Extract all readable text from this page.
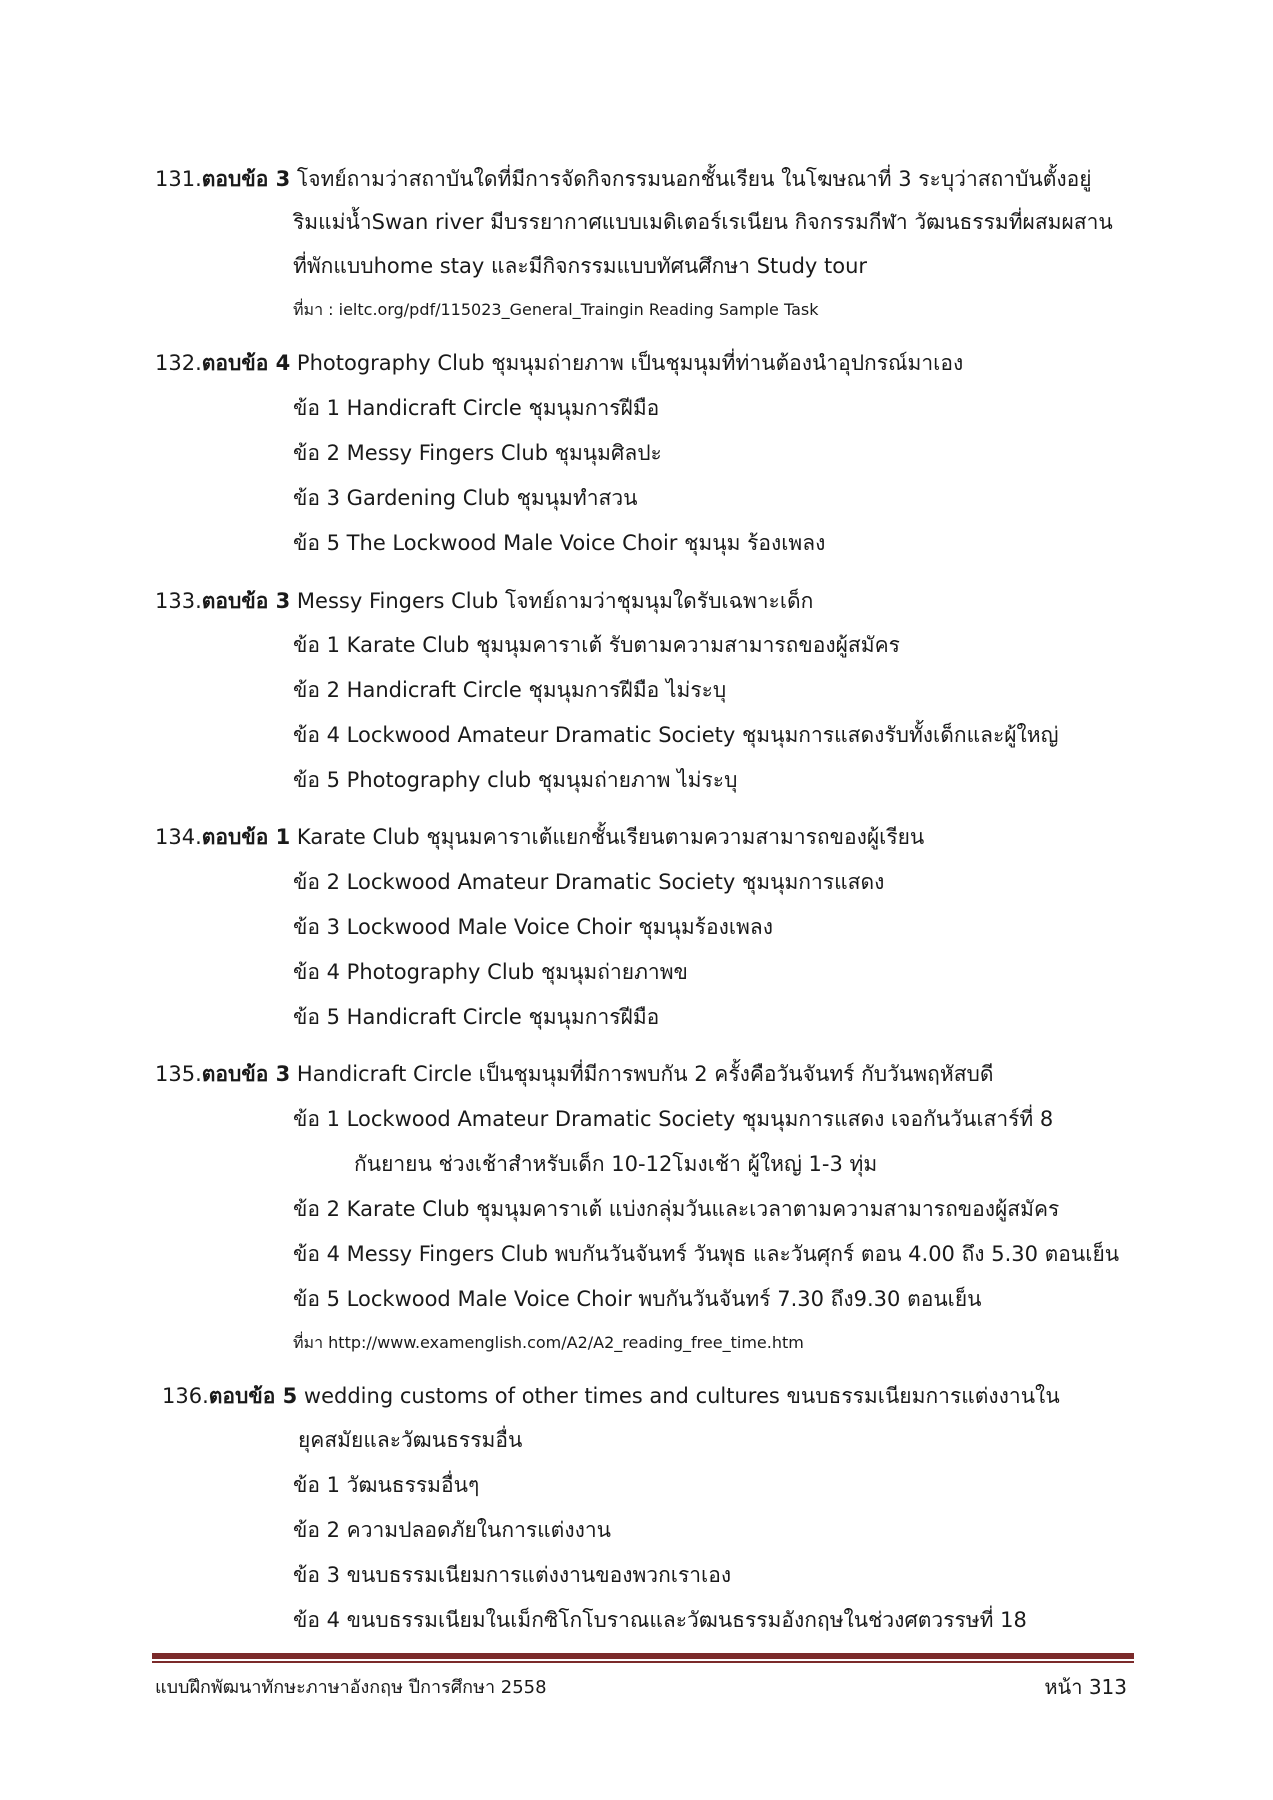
131.ตอบข้อ 3 โจทย์ถามว่าสถาบันใดที่มีการจัดกิจกรรมนอกชั้นเรียน ในโฆษณาที่ 3 ระบุว่าสถาบันตั้งอยู่
ริมแม่น้ำSwan river มีบรรยากาศแบบเมดิเตอร์เรเนียน กิจกรรมกีฬา วัฒนธรรมที่ผสมผสาน
ที่พักแบบhome stay และมีกิจกรรมแบบทัศนศึกษา Study tour
ที่มา : ieltc.org/pdf/115023_General_Traingin Reading Sample Task
132.ตอบข้อ 4 Photography Club ชุมนุมถ่ายภาพ เป็นชุมนุมที่ท่านต้องนำอุปกรณ์มาเอง
ข้อ 1 Handicraft Circle ชุมนุมการฝีมือ
ข้อ 2 Messy Fingers Club ชุมนุมศิลปะ
ข้อ 3 Gardening Club ชุมนุมทำสวน
ข้อ 5 The Lockwood Male Voice Choir ชุมนุม ร้องเพลง
133.ตอบข้อ 3 Messy Fingers Club โจทย์ถามว่าชุมนุมใดรับเฉพาะเด็ก
ข้อ 1 Karate Club ชุมนุมคาราเต้ รับตามความสามารถของผู้สมัคร
ข้อ 2 Handicraft Circle ชุมนุมการฝีมือ ไม่ระบุ
ข้อ 4 Lockwood Amateur Dramatic Society ชุมนุมการแสดงรับทั้งเด็กและผู้ใหญ่
ข้อ 5 Photography club ชุมนุมถ่ายภาพ ไม่ระบุ
134.ตอบข้อ 1 Karate Club ชุมุนมคาราเต้แยกชั้นเรียนตามความสามารถของผู้เรียน
ข้อ 2 Lockwood Amateur Dramatic Society ชุมนุมการแสดง
ข้อ 3 Lockwood Male Voice Choir ชุมนุมร้องเพลง
ข้อ 4 Photography Club ชุมนุมถ่ายภาพข
ข้อ 5 Handicraft Circle ชุมนุมการฝีมือ
135.ตอบข้อ 3 Handicraft Circle เป็นชุมนุมที่มีการพบกัน 2 ครั้งคือวันจันทร์ กับวันพฤหัสบดี
ข้อ 1 Lockwood Amateur Dramatic Society ชุมนุมการแสดง เจอกันวันเสาร์ที่ 8
กันยายน ช่วงเช้าสำหรับเด็ก 10-12โมงเช้า ผู้ใหญ่ 1-3 ทุ่ม
ข้อ 2 Karate Club ชุมนุมคาราเต้ แบ่งกลุ่มวันและเวลาตามความสามารถของผู้สมัคร
ข้อ 4 Messy Fingers Club พบกันวันจันทร์ วันพุธ และวันศุกร์ ตอน 4.00 ถึง 5.30 ตอนเย็น
ข้อ 5 Lockwood Male Voice Choir พบกันวันจันทร์ 7.30 ถึง9.30 ตอนเย็น
ที่มา http://www.examenglish.com/A2/A2_reading_free_time.htm
136.ตอบข้อ 5 wedding customs of other times and cultures ขนบธรรมเนียมการแต่งงานใน
ยุคสมัยและวัฒนธรรมอื่น
ข้อ 1 วัฒนธรรมอื่นๆ
ข้อ 2 ความปลอดภัยในการแต่งงาน
ข้อ 3 ขนบธรรมเนียมการแต่งงานของพวกเราเอง
ข้อ 4 ขนบธรรมเนียมในเม็กซิโกโบราณและวัฒนธรรมอังกฤษในช่วงศตวรรษที่ 18
แบบฝึกพัฒนาทักษะภาษาอังกฤษ ปีการศึกษา 2558	หน้า 313
